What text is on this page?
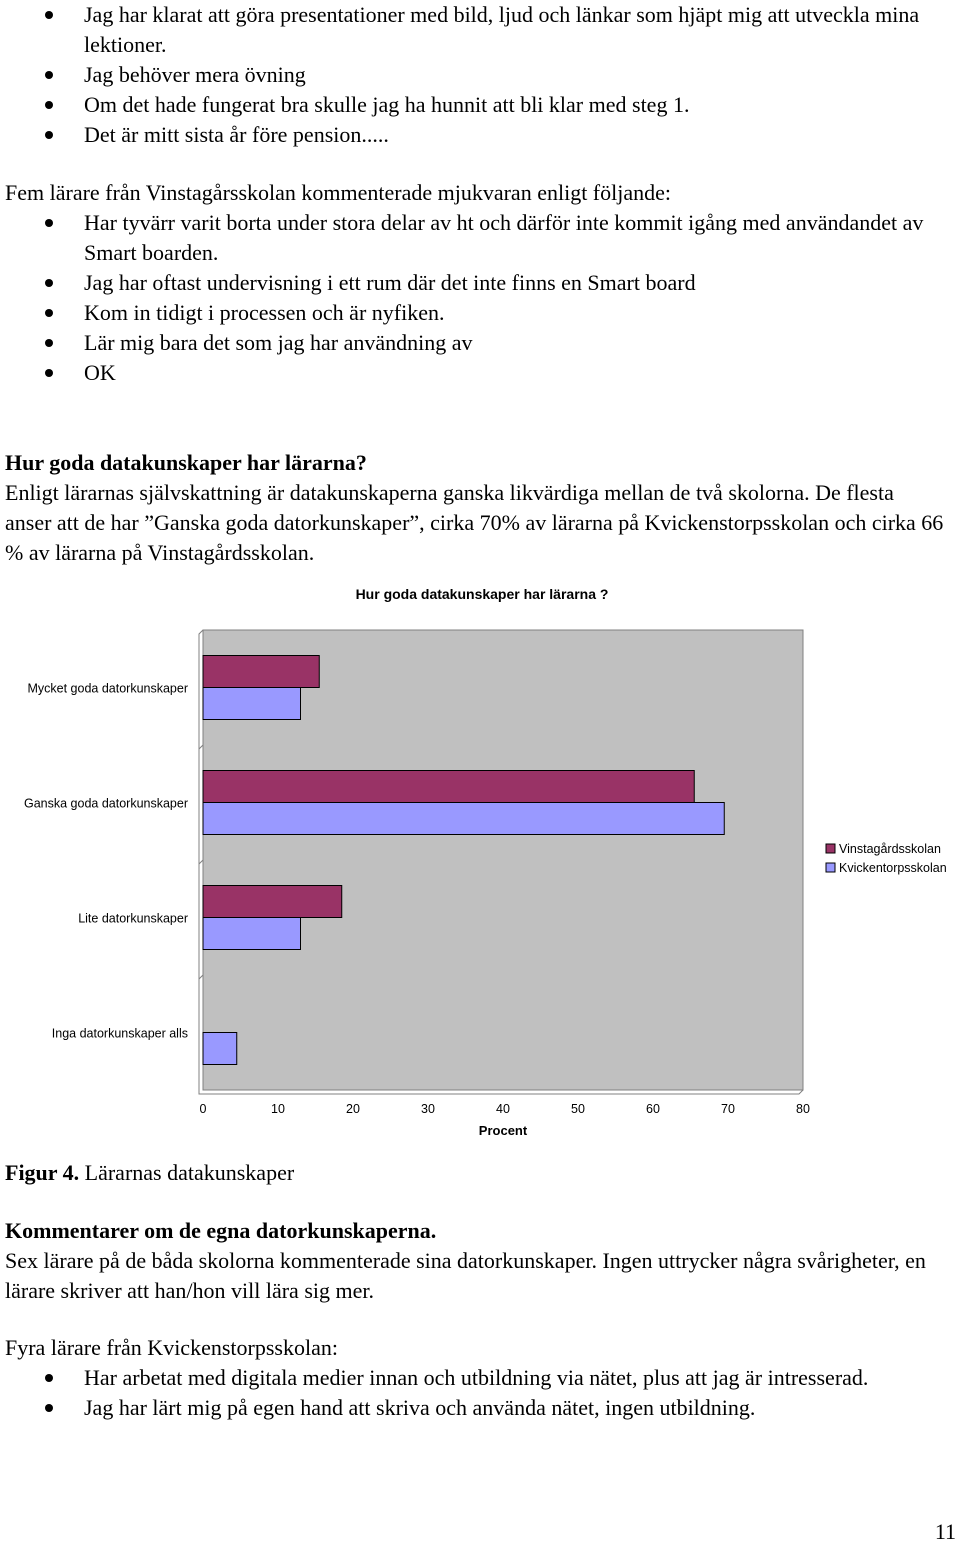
Jag har klarat att göra presentationer med bild, ljud och länkar som hjäpt mig att utveckla mina lektioner.
Jag behöver mera övning
Om det hade fungerat bra skulle jag ha hunnit att bli klar med steg 1.
Det är mitt sista år före pension.....

Fem lärare från Vinstagårsskolan kommenterade mjukvaran enligt följande:

Har tyvärr varit borta under stora delar av ht och därför inte kommit igång med användandet av Smart boarden.
Jag har oftast undervisning i ett rum där det inte finns en Smart board
Kom in tidigt i processen och är nyfiken.
Lär mig bara det som jag har användning av
OK
Hur goda datakunskaper har lärarna?

Enligt lärarnas självskattning är datakunskaperna ganska likvärdiga mellan de två skolorna. De flesta anser att de har ”Ganska goda datorkunskaper”, cirka 70% av lärarna på Kvickenstorpsskolan och cirka 66 % av lärarna på Vinstagårdsskolan.

Hur goda datakunskaper har lärarna ?
Mycket goda datorkunskaper
Ganska goda datorkunskaper
Lite datorkunskaper
Inga datorkunskaper alls
0	10	20	30	40	50	60	70	80
Procent
Vinstagårdsskolan
Kvickentorpsskolan

Figur 4. Lärarnas datakunskaper

Kommentarer om de egna datorkunskaperna.

Sex lärare på de båda skolorna kommenterade sina datorkunskaper. Ingen uttrycker några svårigheter, en lärare skriver att han/hon vill lära sig mer.

Fyra lärare från Kvickenstorpsskolan:

Har arbetat med digitala medier innan och utbildning via nätet, plus att jag är intresserad.
Jag har lärt mig på egen hand att skriva och använda nätet, ingen utbildning.
11
